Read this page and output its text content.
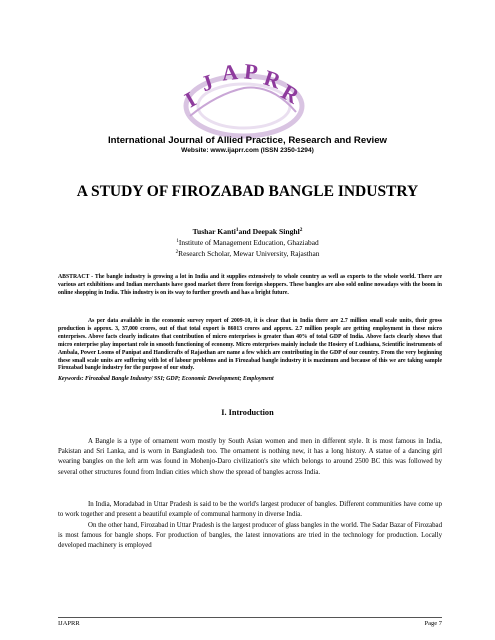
I
J A P R
R
International Journal of Allied Practice, Research and Review
Website: www.ijaprr.com (ISSN 2350-1294)
A STUDY OF FIROZABAD BANGLE INDUSTRY
Tushar Kanti$^1$and Deepak Singhl$^2$
$^1$Institute of Management Education, Ghaziabad
$^2$Research Scholar, Mewar University, Rajasthan
ABSTRACT - The bangle industry is growing a lot in India and it supplies extensively to whole country as well as exports to the whole world. There are various art exhibitions and Indian merchants have good market there from foreign shoppers. These bangles are also sold online nowadays with the boom in online shopping in India. This industry is on its way to further growth and has a bright future.
As per data available in the economic survey report of 2009-10, it is clear that in India there are 2.7 million small scale units, their gross production is approx. 3, 37,000 crores, out of that total export is 86013 crores and approx. 2.7 million people are getting employment in these micro enterprises. Above facts clearly indicates that contribution of micro enterprises is greater than 40% of total GDP of India. Above facts clearly shows that micro enterprise play important role in smooth functioning of economy. Micro enterprises mainly include the Hosiery of Ludhiana, Scientific instruments of Ambala, Power Looms of Panipat and Handicrafts of Rajasthan are name a few which are contributing in the GDP of our country. From the very beginning these small scale units are suffering with lot of labour problems and in Firozabad bangle industry it is maximum and because of this we are taking sample Firozabad bangle industry for the purpose of our study.
Keywords: Firozabad Bangle Industry/ SSI; GDP; Economic Development; Employment
I. Introduction

A Bangle is a type of ornament worn mostly by South Asian women and men in different style. It is most famous in India, Pakistan and Sri Lanka, and is worn in Bangladesh too. The ornament is nothing new, it has a long history. A statue of a dancing girl wearing bangles on the left arm was found in Mohenjo-Daro civilization's site which belongs to around 2500 BC this was followed by several other structures found from Indian cities which show the spread of bangles across India.

In India, Moradabad in Uttar Pradesh is said to be the world's largest producer of bangles. Different communities have come up to work together and present a beautiful example of communal harmony in diverse India.

On the other hand, Firozabad in Uttar Pradesh is the largest producer of glass bangles in the world. The Sadar Bazar of Firozabad is most famous for bangle shops. For production of bangles, the latest innovations are tried in the technology for production. Locally developed machinery is employed

IJAPRR	Page 7
